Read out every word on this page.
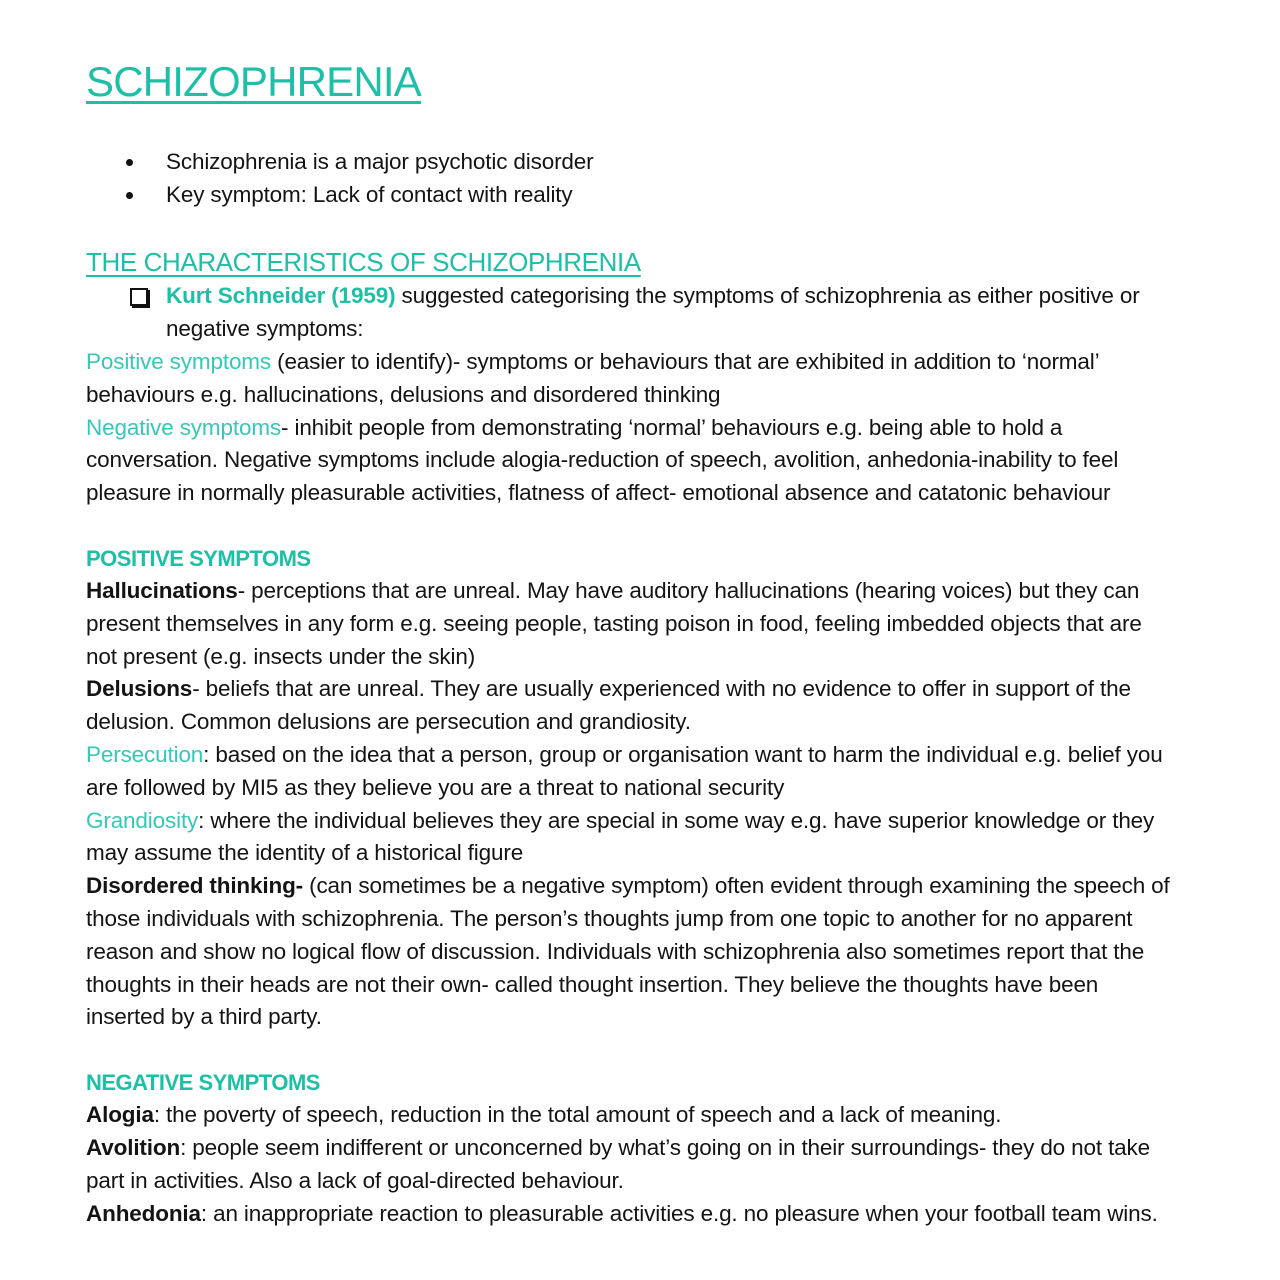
SCHIZOPHRENIA
Schizophrenia is a major psychotic disorder
Key symptom: Lack of contact with reality
THE CHARACTERISTICS OF SCHIZOPHRENIA
Kurt Schneider (1959) suggested categorising the symptoms of schizophrenia as either positive or negative symptoms:

Positive symptoms (easier to identify)- symptoms or behaviours that are exhibited in addition to ‘normal’ behaviours e.g. hallucinations, delusions and disordered thinking

Negative symptoms- inhibit people from demonstrating ‘normal’ behaviours e.g. being able to hold a conversation. Negative symptoms include alogia-reduction of speech, avolition, anhedonia-inability to feel pleasure in normally pleasurable activities, flatness of affect- emotional absence and catatonic behaviour

POSITIVE SYMPTOMS

Hallucinations- perceptions that are unreal. May have auditory hallucinations (hearing voices) but they can present themselves in any form e.g. seeing people, tasting poison in food, feeling imbedded objects that are not present (e.g. insects under the skin)

Delusions- beliefs that are unreal. They are usually experienced with no evidence to offer in support of the delusion. Common delusions are persecution and grandiosity.

Persecution: based on the idea that a person, group or organisation want to harm the individual e.g. belief you are followed by MI5 as they believe you are a threat to national security

Grandiosity: where the individual believes they are special in some way e.g. have superior knowledge or they may assume the identity of a historical figure

Disordered thinking- (can sometimes be a negative symptom) often evident through examining the speech of those individuals with schizophrenia. The person’s thoughts jump from one topic to another for no apparent reason and show no logical flow of discussion. Individuals with schizophrenia also sometimes report that the thoughts in their heads are not their own- called thought insertion. They believe the thoughts have been inserted by a third party.

NEGATIVE SYMPTOMS

Alogia: the poverty of speech, reduction in the total amount of speech and a lack of meaning.

Avolition: people seem indifferent or unconcerned by what’s going on in their surroundings- they do not take part in activities. Also a lack of goal-directed behaviour.

Anhedonia: an inappropriate reaction to pleasurable activities e.g. no pleasure when your football team wins.
